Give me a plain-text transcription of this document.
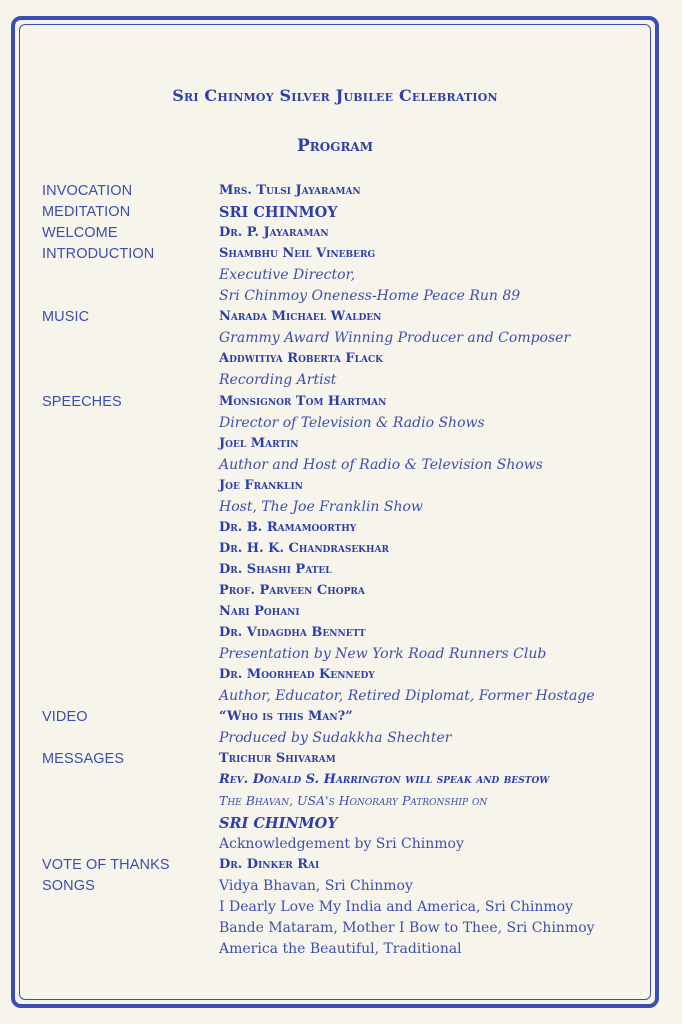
Sri Chinmoy Silver Jubilee Celebration
Program
INVOCATION	Mrs. Tulsi Jayaraman
MEDITATION	SRI CHINMOY
WELCOME	Dr. P. Jayaraman
INTRODUCTION	Shambhu Neil Vineberg
Executive Director,
Sri Chinmoy Oneness-Home Peace Run 89
MUSIC	Narada Michael Walden
Grammy Award Winning Producer and Composer
Addwitiya Roberta Flack
Recording Artist
SPEECHES	Monsignor Tom Hartman
Director of Television & Radio Shows
Joel Martin
Author and Host of Radio & Television Shows
Joe Franklin
Host, The Joe Franklin Show
Dr. B. Ramamoorthy
Dr. H. K. Chandrasekhar
Dr. Shashi Patel
Prof. Parveen Chopra
Nari Pohani
Dr. Vidagdha Bennett
Presentation by New York Road Runners Club
Dr. Moorhead Kennedy
Author, Educator, Retired Diplomat, Former Hostage
VIDEO	“Who is this Man?”
Produced by Sudakkha Shechter
MESSAGES	Trichur Shivaram
Rev. Donald S. Harrington will speak and bestow
The Bhavan, USA's Honorary Patronship on
SRI CHINMOY
Acknowledgement by Sri Chinmoy
VOTE OF THANKS	Dr. Dinker Rai
SONGS	Vidya Bhavan, Sri Chinmoy
I Dearly Love My India and America, Sri Chinmoy
Bande Mataram, Mother I Bow to Thee, Sri Chinmoy
America the Beautiful, Traditional
